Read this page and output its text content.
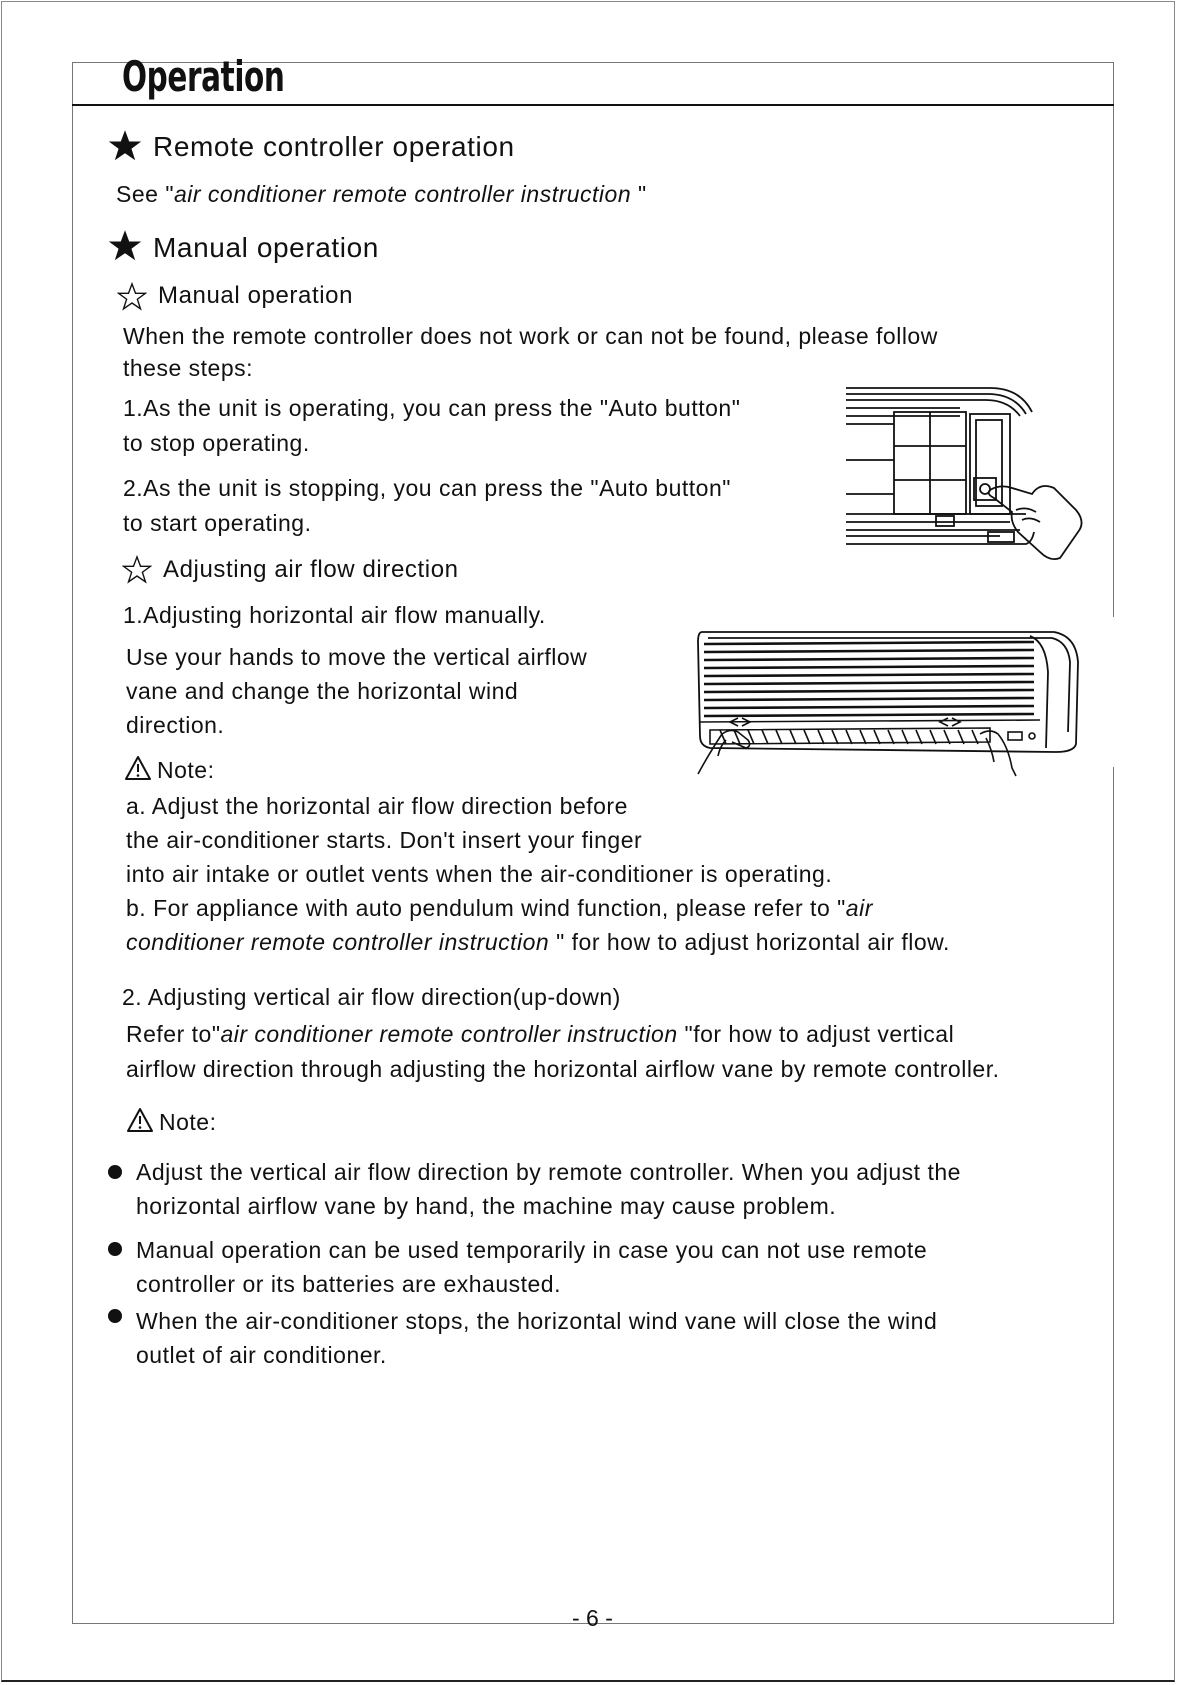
Operation
Remote controller operation
See "air conditioner remote controller instruction "
Manual operation
Manual operation
When the remote controller does not work or can not be found, please follow
these steps:
1.As the unit is operating, you can press the "Auto button"
to stop operating.
2.As the unit is stopping, you can press the "Auto button"
to start operating.
Adjusting air flow direction
1.Adjusting horizontal air flow manually.
Use your hands to move the vertical airflow
vane and change the horizontal wind
direction.
Note:
a. Adjust the horizontal air flow direction before
the air-conditioner starts. Don't insert your finger
into air intake or outlet vents when the air-conditioner is operating.
b. For appliance with auto pendulum wind function, please refer to "air
conditioner remote controller instruction " for how to adjust horizontal air flow.
2. Adjusting vertical air flow direction(up-down)
Refer to"air conditioner remote controller instruction "for how to adjust vertical
airflow direction through adjusting the horizontal airflow vane by remote controller.
Note:
Adjust the vertical air flow direction by remote controller. When you adjust the
horizontal airflow vane by hand, the machine may cause problem.
Manual operation can be used temporarily in case you can not use remote
controller or its batteries are exhausted.
When the air-conditioner stops, the horizontal wind vane will close the wind
outlet of air conditioner.
- 6 -
